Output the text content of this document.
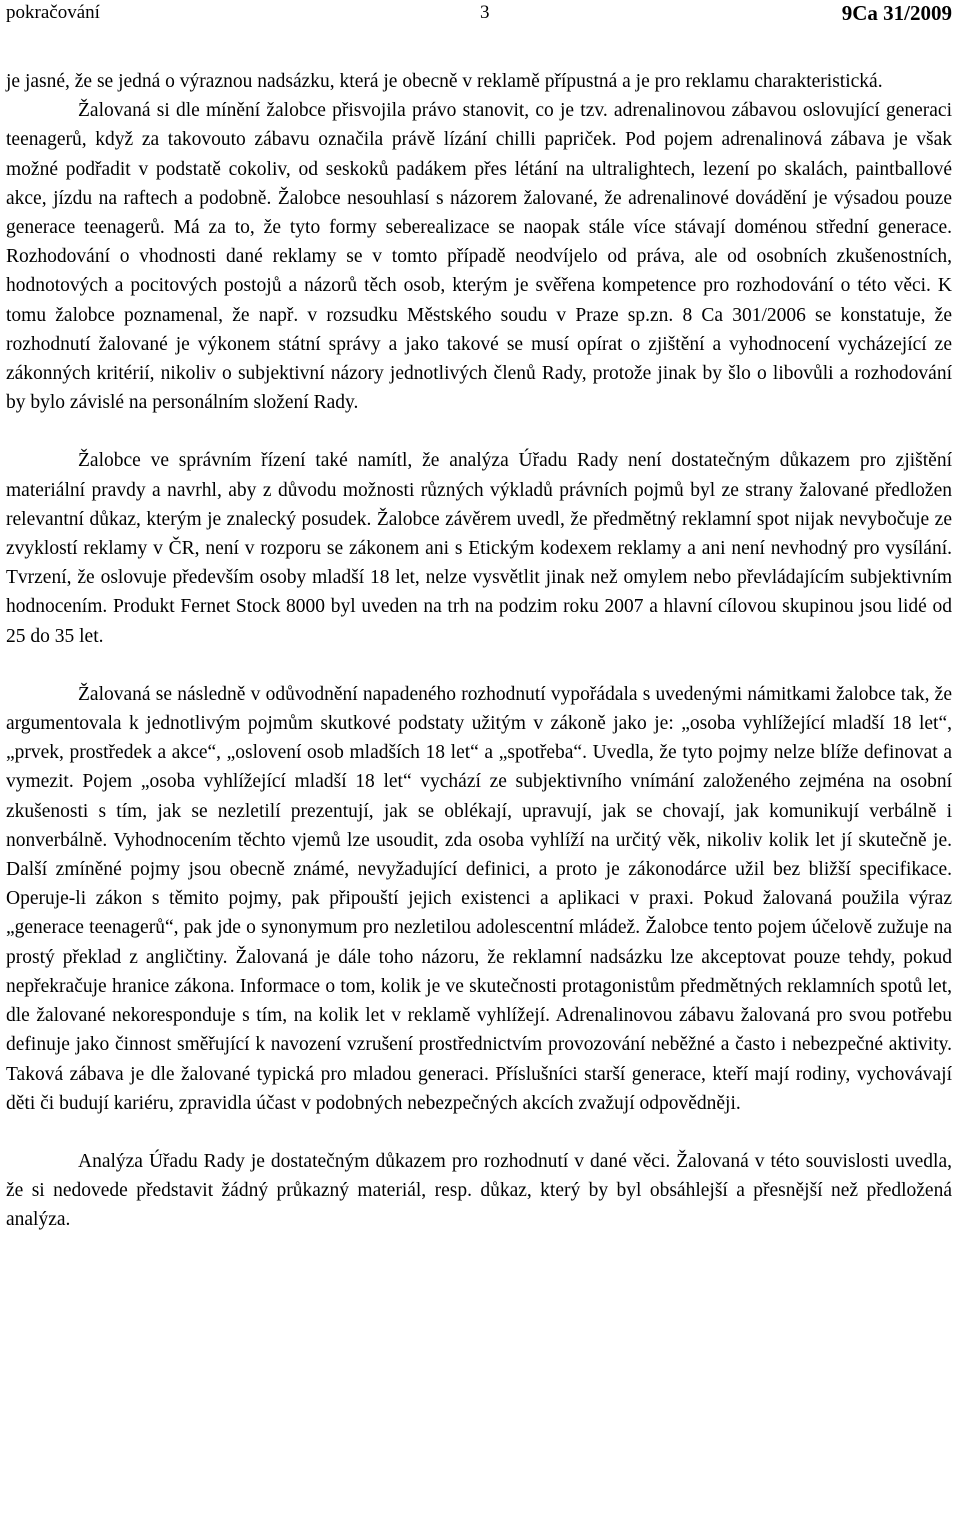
pokračování	3	9Ca 31/2009

je jasné, že se jedná o výraznou nadsázku, která je obecně v reklamě přípustná a je pro reklamu charakteristická.

Žalovaná si dle mínění žalobce přisvojila právo stanovit, co je tzv. adrenalinovou zábavou oslovující generaci teenagerů, když za takovouto zábavu označila právě lízání chilli papriček. Pod pojem adrenalinová zábava je však možné podřadit v podstatě cokoliv, od seskoků padákem přes létání na ultralightech, lezení po skalách, paintballové akce, jízdu na raftech a podobně. Žalobce nesouhlasí s názorem žalované, že adrenalinové dovádění je výsadou pouze generace teenagerů. Má za to, že tyto formy seberealizace se naopak stále více stávají doménou střední generace. Rozhodování o vhodnosti dané reklamy se v tomto případě neodvíjelo od práva, ale od osobních zkušenostních, hodnotových a pocitových postojů a názorů těch osob, kterým je svěřena kompetence pro rozhodování o této věci. K tomu žalobce poznamenal, že např. v rozsudku Městského soudu v Praze sp.zn. 8 Ca 301/2006 se konstatuje, že rozhodnutí žalované je výkonem státní správy a jako takové se musí opírat o zjištění a vyhodnocení vycházející ze zákonných kritérií, nikoliv o subjektivní názory jednotlivých členů Rady, protože jinak by šlo o libovůli a rozhodování by bylo závislé na personálním složení Rady.

Žalobce ve správním řízení také namítl, že analýza Úřadu Rady není dostatečným důkazem pro zjištění materiální pravdy a navrhl, aby z důvodu možnosti různých výkladů právních pojmů byl ze strany žalované předložen relevantní důkaz, kterým je znalecký posudek. Žalobce závěrem uvedl, že předmětný reklamní spot nijak nevybočuje ze zvyklostí reklamy v ČR, není v rozporu se zákonem ani s Etickým kodexem reklamy a ani není nevhodný pro vysílání. Tvrzení, že oslovuje především osoby mladší 18 let, nelze vysvětlit jinak než omylem nebo převládajícím subjektivním hodnocením. Produkt Fernet Stock 8000 byl uveden na trh na podzim roku 2007 a hlavní cílovou skupinou jsou lidé od 25 do 35 let.

Žalovaná se následně v odůvodnění napadeného rozhodnutí vypořádala s uvedenými námitkami žalobce tak, že argumentovala k jednotlivým pojmům skutkové podstaty užitým v zákoně jako je: „osoba vyhlížející mladší 18 let“, „prvek, prostředek a akce“, „oslovení osob mladších 18 let“ a „spotřeba“. Uvedla, že tyto pojmy nelze blíže definovat a vymezit. Pojem „osoba vyhlížející mladší 18 let“ vychází ze subjektivního vnímání založeného zejména na osobní zkušenosti s tím, jak se nezletilí prezentují, jak se oblékají, upravují, jak se chovají, jak komunikují verbálně i nonverbálně. Vyhodnocením těchto vjemů lze usoudit, zda osoba vyhlíží na určitý věk, nikoliv kolik let jí skutečně je. Další zmíněné pojmy jsou obecně známé, nevyžadující definici, a proto je zákonodárce užil bez bližší specifikace. Operuje-li zákon s těmito pojmy, pak připouští jejich existenci a aplikaci v praxi. Pokud žalovaná použila výraz „generace teenagerů“, pak jde o synonymum pro nezletilou adolescentní mládež. Žalobce tento pojem účelově zužuje na prostý překlad z angličtiny. Žalovaná je dále toho názoru, že reklamní nadsázku lze akceptovat pouze tehdy, pokud nepřekračuje hranice zákona. Informace o tom, kolik je ve skutečnosti protagonistům předmětných reklamních spotů let, dle žalované nekoresponduje s tím, na kolik let v reklamě vyhlížejí. Adrenalinovou zábavu žalovaná pro svou potřebu definuje jako činnost směřující k navození vzrušení prostřednictvím provozování neběžné a často i nebezpečné aktivity. Taková zábava je dle žalované typická pro mladou generaci. Příslušníci starší generace, kteří mají rodiny, vychovávají děti či budují kariéru, zpravidla účast v podobných nebezpečných akcích zvažují odpovědněji.

Analýza Úřadu Rady je dostatečným důkazem pro rozhodnutí v dané věci. Žalovaná v této souvislosti uvedla, že si nedovede představit žádný průkazný materiál, resp. důkaz, který by byl obsáhlejší a přesnější než předložená analýza.
